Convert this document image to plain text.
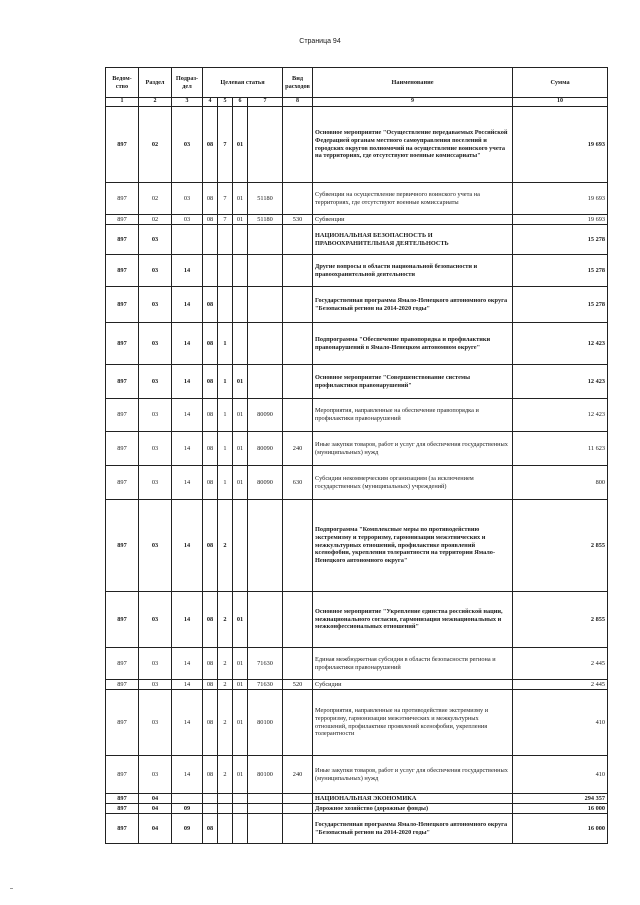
Страница 94
Ведом-ство	Раздел	Подраз-дел	Целевая статья				Вид расходов	Наименование	Сумма
1	2	3	4	5	6	7	8	9	10
897	02	03	08	7	01			Основное мероприятие "Осуществление передаваемых Российской Федерацией органам местного самоуправления поселений и городских округов полномочий на осуществление воинского учета на территориях, где отсутствуют военные комиссариаты"	19 693
897	02	03	08	7	01	51180		Субвенции на осуществление первичного воинского учета на территориях, где отсутствуют военные комиссариаты	19 693
897	02	03	08	7	01	51180	530	Субвенции	19 693
897	03							НАЦИОНАЛЬНАЯ БЕЗОПАСНОСТЬ И ПРАВООХРАНИТЕЛЬНАЯ ДЕЯТЕЛЬНОСТЬ	15 278
897	03	14						Другие вопросы в области национальной безопасности и правоохранительной деятельности	15 278
897	03	14	08					Государственная программа Ямало-Ненецкого автономного округа "Безопасный регион на 2014-2020 годы"	15 278
897	03	14	08	1				Подпрограмма "Обеспечение правопорядка и профилактики правонарушений в Ямало-Ненецком автономном округе"	12 423
897	03	14	08	1	01			Основное мероприятие "Совершенствование системы профилактики правонарушений"	12 423
897	03	14	08	1	01	80090		Мероприятия, направленные на обеспечение правопорядка и профилактики правонарушений	12 423
897	03	14	08	1	01	80090	240	Иные закупки товаров, работ и услуг для обеспечения государственных (муниципальных) нужд	11 623
897	03	14	08	1	01	80090	630	Субсидии некоммерческим организациям (за исключением государственных (муниципальных) учреждений)	800
897	03	14	08	2				Подпрограмма "Комплексные меры по противодействию экстремизму и терроризму, гармонизации межэтнических и межкультурных отношений, профилактике проявлений ксенофобии, укрепления толерантности на территории Ямало-Ненецкого автономного округа"	2 855
897	03	14	08	2	01			Основное мероприятие "Укрепление единства российской нации, межнационального согласия, гармонизация межнациональных и межконфессиональных отношений"	2 855
897	03	14	08	2	01	71630		Единая межбюджетная субсидия в области безопасности региона и профилактики правонарушений	2 445
897	03	14	08	2	01	71630	520	Субсидии	2 445
897	03	14	08	2	01	80100		Мероприятия, направленные на противодействие экстремизму и терроризму, гармонизации межэтнических и межкультурных отношений, профилактике проявлений ксенофобии, укрепления толерантности	410
897	03	14	08	2	01	80100	240	Иные закупки товаров, работ и услуг для обеспечения государственных (муниципальных) нужд	410
897	04							НАЦИОНАЛЬНАЯ ЭКОНОМИКА	294 357
897	04	09						Дорожное хозяйство (дорожные фонды)	16 000
897	04	09	08					Государственная программа Ямало-Ненецкого автономного округа "Безопасный регион на 2014-2020 годы"	16 000
